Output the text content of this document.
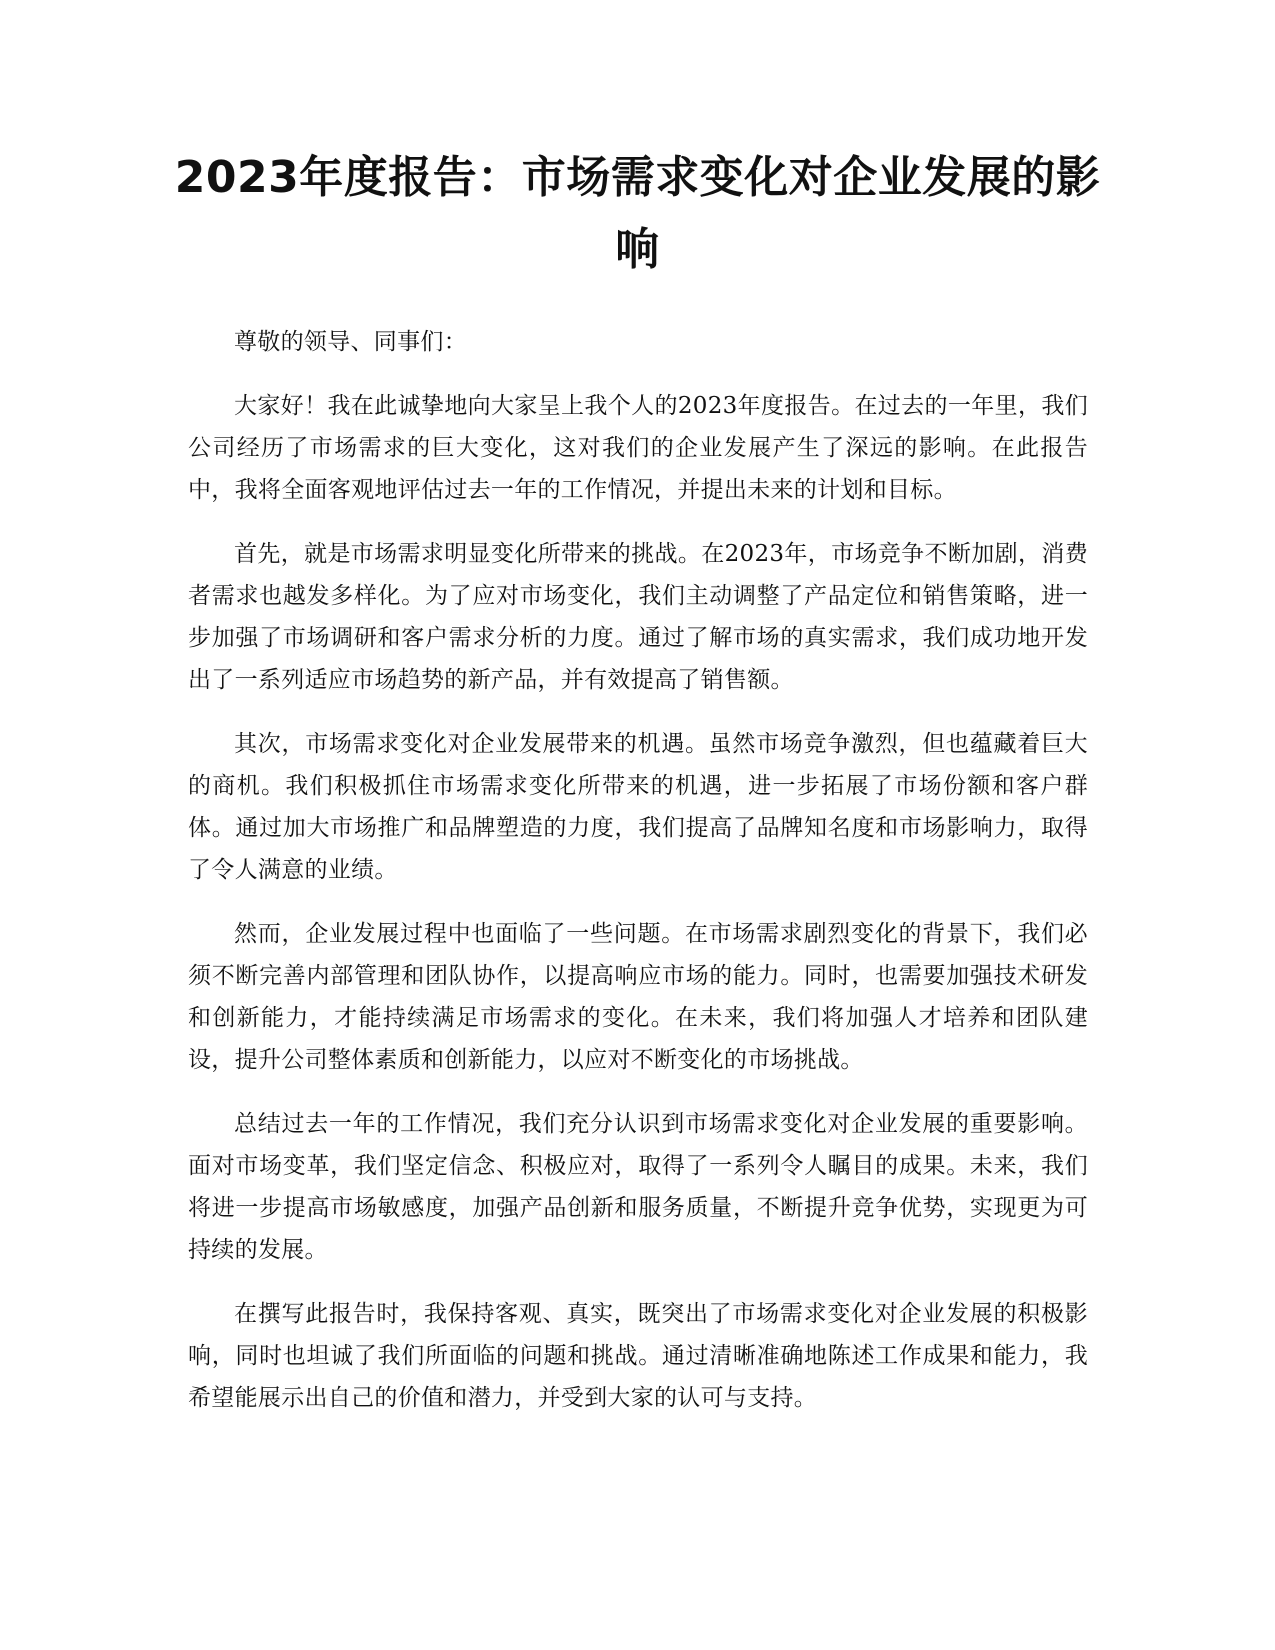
2023年度报告：市场需求变化对企业发展的影响

尊敬的领导、同事们：

大家好！我在此诚挚地向大家呈上我个人的2023年度报告。在过去的一年里，我们公司经历了市场需求的巨大变化，这对我们的企业发展产生了深远的影响。在此报告中，我将全面客观地评估过去一年的工作情况，并提出未来的计划和目标。

首先，就是市场需求明显变化所带来的挑战。在2023年，市场竞争不断加剧，消费者需求也越发多样化。为了应对市场变化，我们主动调整了产品定位和销售策略，进一步加强了市场调研和客户需求分析的力度。通过了解市场的真实需求，我们成功地开发出了一系列适应市场趋势的新产品，并有效提高了销售额。

其次，市场需求变化对企业发展带来的机遇。虽然市场竞争激烈，但也蕴藏着巨大的商机。我们积极抓住市场需求变化所带来的机遇，进一步拓展了市场份额和客户群体。通过加大市场推广和品牌塑造的力度，我们提高了品牌知名度和市场影响力，取得了令人满意的业绩。

然而，企业发展过程中也面临了一些问题。在市场需求剧烈变化的背景下，我们必须不断完善内部管理和团队协作，以提高响应市场的能力。同时，也需要加强技术研发和创新能力，才能持续满足市场需求的变化。在未来，我们将加强人才培养和团队建设，提升公司整体素质和创新能力，以应对不断变化的市场挑战。

总结过去一年的工作情况，我们充分认识到市场需求变化对企业发展的重要影响。面对市场变革，我们坚定信念、积极应对，取得了一系列令人瞩目的成果。未来，我们将进一步提高市场敏感度，加强产品创新和服务质量，不断提升竞争优势，实现更为可持续的发展。

在撰写此报告时，我保持客观、真实，既突出了市场需求变化对企业发展的积极影响，同时也坦诚了我们所面临的问题和挑战。通过清晰准确地陈述工作成果和能力，我希望能展示出自己的价值和潜力，并受到大家的认可与支持。
